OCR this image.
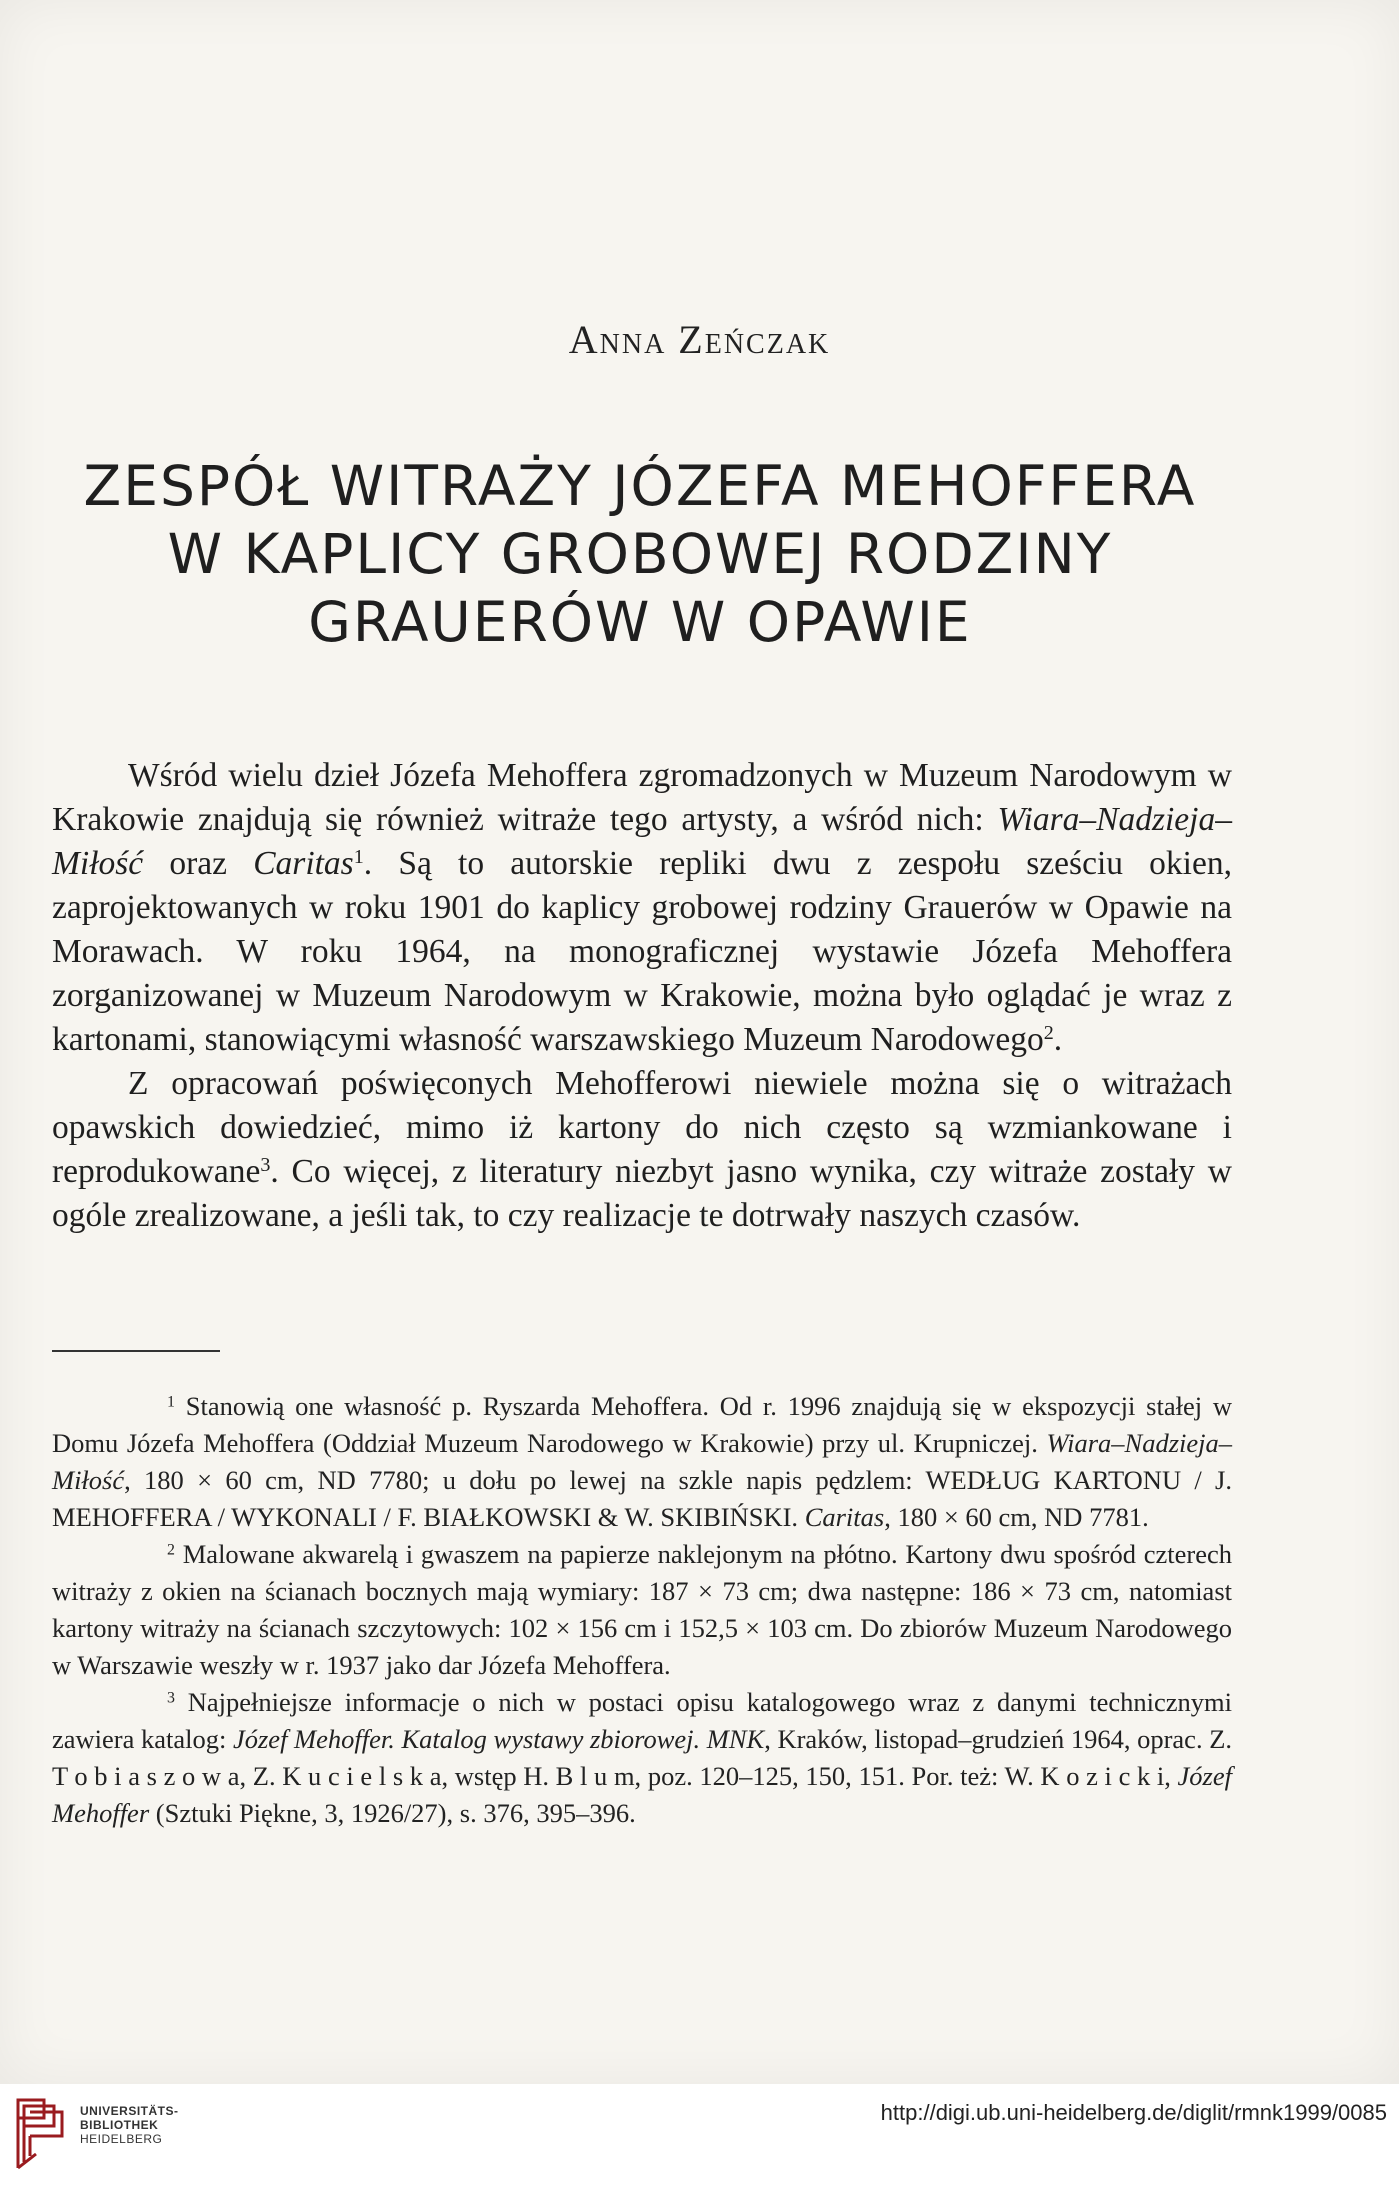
Anna Zeńczak
ZESPÓŁ WITRAŻY JÓZEFA MEHOFFERA
W KAPLICY GROBOWEJ RODZINY
GRAUERÓW W OPAWIE

Wśród wielu dzieł Józefa Mehoffera zgromadzonych w Muzeum Narodowym w Krakowie znajdują się również witraże tego artysty, a wśród nich: Wiara–Nadzieja–Miłość oraz Caritas$^1$. Są to autorskie repliki dwu z zespołu sześciu okien, zaprojektowanych w roku 1901 do kaplicy grobowej rodziny Grauerów w Opawie na Morawach. W roku 1964, na monograficznej wystawie Józefa Mehoffera zorganizowanej w Muzeum Narodowym w Krakowie, można było oglądać je wraz z kartonami, stanowiącymi własność warszawskiego Muzeum Narodowego$^2$.

Z opracowań poświęconych Mehofferowi niewiele można się o witrażach opawskich dowiedzieć, mimo iż kartony do nich często są wzmiankowane i reprodukowane$^3$. Co więcej, z literatury niezbyt jasno wynika, czy witraże zostały w ogóle zrealizowane, a jeśli tak, to czy realizacje te dotrwały naszych czasów.

$^1$ Stanowią one własność p. Ryszarda Mehoffera. Od r. 1996 znajdują się w ekspozycji stałej w Domu Józefa Mehoffera (Oddział Muzeum Narodowego w Krakowie) przy ul. Krupniczej. Wiara–Nadzieja–Miłość, 180 × 60 cm, ND 7780; u dołu po lewej na szkle napis pędzlem: WEDŁUG KARTONU / J. MEHOFFERA / WYKONALI / F. BIAŁKOWSKI & W. SKIBIŃSKI. Caritas, 180 × 60 cm, ND 7781.

$^2$ Malowane akwarelą i gwaszem na papierze naklejonym na płótno. Kartony dwu spośród czterech witraży z okien na ścianach bocznych mają wymiary: 187 × 73 cm; dwa następne: 186 × 73 cm, natomiast kartony witraży na ścianach szczytowych: 102 × 156 cm i 152,5 × 103 cm. Do zbiorów Muzeum Narodowego w Warszawie weszły w r. 1937 jako dar Józefa Mehoffera.

$^3$ Najpełniejsze informacje o nich w postaci opisu katalogowego wraz z danymi technicznymi zawiera katalog: Józef Mehoffer. Katalog wystawy zbiorowej. MNK, Kraków, listopad–grudzień 1964, oprac. Z. T o b i a s z o w a, Z. K u c i e l s k a, wstęp H. B l u m, poz. 120–125, 150, 151. Por. też: W. K o z i c k i, Józef Mehoffer (Sztuki Piękne, 3, 1926/27), s. 376, 395–396.

UNIVERSITÄTS-
BIBLIOTHEK
HEIDELBERG
http://digi.ub.uni-heidelberg.de/diglit/rmnk1999/0085
